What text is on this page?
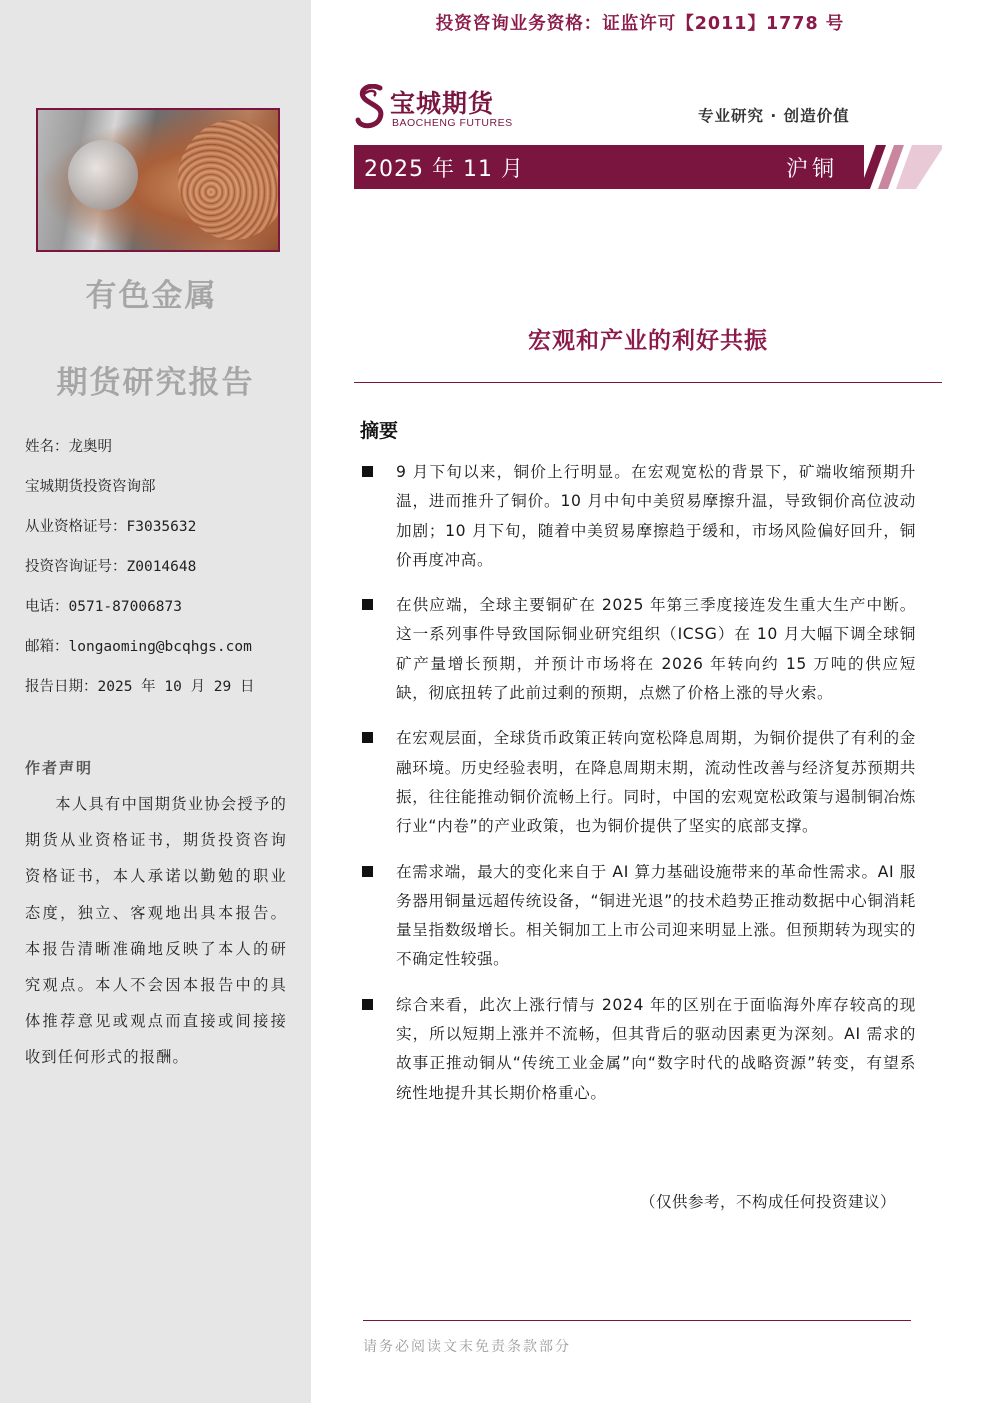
有色金属
期货研究报告
姓名：龙奥明
宝城期货投资咨询部
从业资格证号：F3035632
投资咨询证号：Z0014648
电话：0571-87006873
邮箱：longaoming@bcqhgs.com
报告日期：2025 年 10 月 29 日
作者声明
本人具有中国期货业协会授予的期货从业资格证书，期货投资咨询资格证书，本人承诺以勤勉的职业态度，独立、客观地出具本报告。本报告清晰准确地反映了本人的研究观点。本人不会因本报告中的具体推荐意见或观点而直接或间接接收到任何形式的报酬。
投资咨询业务资格：证监许可【2011】1778 号
宝城期货
BAOCHENG FUTURES	专业研究 · 创造价值
2025 年 11 月	沪铜
宏观和产业的利好共振
摘要
9 月下旬以来，铜价上行明显。在宏观宽松的背景下，矿端收缩预期升温，进而推升了铜价。10 月中旬中美贸易摩擦升温，导致铜价高位波动加剧；10 月下旬，随着中美贸易摩擦趋于缓和，市场风险偏好回升，铜价再度冲高。
在供应端，全球主要铜矿在 2025 年第三季度接连发生重大生产中断。这一系列事件导致国际铜业研究组织（ICSG）在 10 月大幅下调全球铜矿产量增长预期，并预计市场将在 2026 年转向约 15 万吨的供应短缺，彻底扭转了此前过剩的预期，点燃了价格上涨的导火索。
在宏观层面，全球货币政策正转向宽松降息周期，为铜价提供了有利的金融环境。历史经验表明，在降息周期末期，流动性改善与经济复苏预期共振，往往能推动铜价流畅上行。同时，中国的宏观宽松政策与遏制铜冶炼行业“内卷”的产业政策，也为铜价提供了坚实的底部支撑。
在需求端，最大的变化来自于 AI 算力基础设施带来的革命性需求。AI 服务器用铜量远超传统设备，“铜进光退”的技术趋势正推动数据中心铜消耗量呈指数级增长。相关铜加工上市公司迎来明显上涨。但预期转为现实的不确定性较强。
综合来看，此次上涨行情与 2024 年的区别在于面临海外库存较高的现实，所以短期上涨并不流畅，但其背后的驱动因素更为深刻。AI 需求的故事正推动铜从“传统工业金属”向“数字时代的战略资源”转变，有望系统性地提升其长期价格重心。
（仅供参考，不构成任何投资建议）
请务必阅读文末免责条款部分
